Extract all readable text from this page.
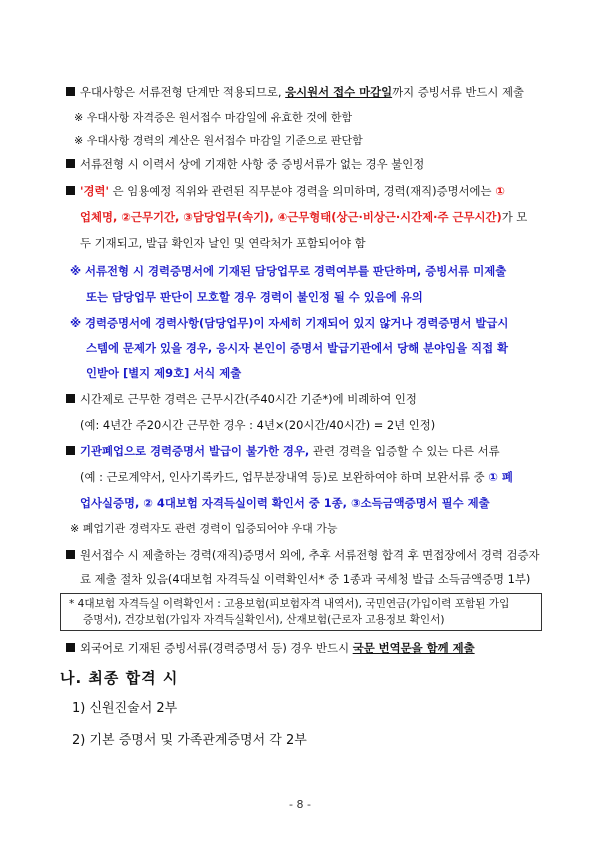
우대사항은 서류전형 단계만 적용되므로, 응시원서 접수 마감일까지 증빙서류 반드시 제출
※ 우대사항 자격증은 원서접수 마감일에 유효한 것에 한함
※ 우대사항 경력의 계산은 원서접수 마감일 기준으로 판단함
서류전형 시 이력서 상에 기재한 사항 중 증빙서류가 없는 경우 불인정
'경력' 은 임용예정 직위와 관련된 직무분야 경력을 의미하며, 경력(재직)증명서에는 ①
업체명, ②근무기간, ③담당업무(속기), ④근무형태(상근·비상근·시간제·주 근무시간)가 모
두 기재되고, 발급 확인자 날인 및 연락처가 포함되어야 함
※ 서류전형 시 경력증명서에 기재된 담당업무로 경력여부를 판단하며, 증빙서류 미제출
또는 담당업무 판단이 모호할 경우 경력이 불인정 될 수 있음에 유의
※ 경력증명서에 경력사항(담당업무)이 자세히 기재되어 있지 않거나 경력증명서 발급시
스템에 문제가 있을 경우, 응시자 본인이 증명서 발급기관에서 당해 분야임을 직접 확
인받아 [별지 제9호] 서식 제출
시간제로 근무한 경력은 근무시간(주40시간 기준*)에 비례하여 인정
(예: 4년간 주20시간 근무한 경우 : 4년×(20시간/40시간) = 2년 인정)
기관폐업으로 경력증명서 발급이 불가한 경우, 관련 경력을 입증할 수 있는 다른 서류
(예 : 근로계약서, 인사기록카드, 업무분장내역 등)로 보완하여야 하며 보완서류 중 ① 폐
업사실증명, ② 4대보험 자격득실이력 확인서 중 1종, ③소득금액증명서 필수 제출
※ 폐업기관 경력자도 관련 경력이 입증되어야 우대 가능
원서접수 시 제출하는 경력(재직)증명서 외에, 추후 서류전형 합격 후 면접장에서 경력 검증자
료 제출 절차 있음(4대보험 자격득실 이력확인서* 중 1종과 국세청 발급 소득금액증명 1부)
* 4대보험 자격득실 이력확인서 : 고용보험(피보험자격 내역서), 국민연금(가입이력 포함된 가입
증명서), 건강보험(가입자 자격득실확인서), 산재보험(근로자 고용정보 확인서)
외국어로 기재된 증빙서류(경력증명서 등) 경우 반드시 국문 번역문을 함께 제출
나. 최종 합격 시
1) 신원진술서 2부
2) 기본 증명서 및 가족관계증명서 각 2부
- 8 -
